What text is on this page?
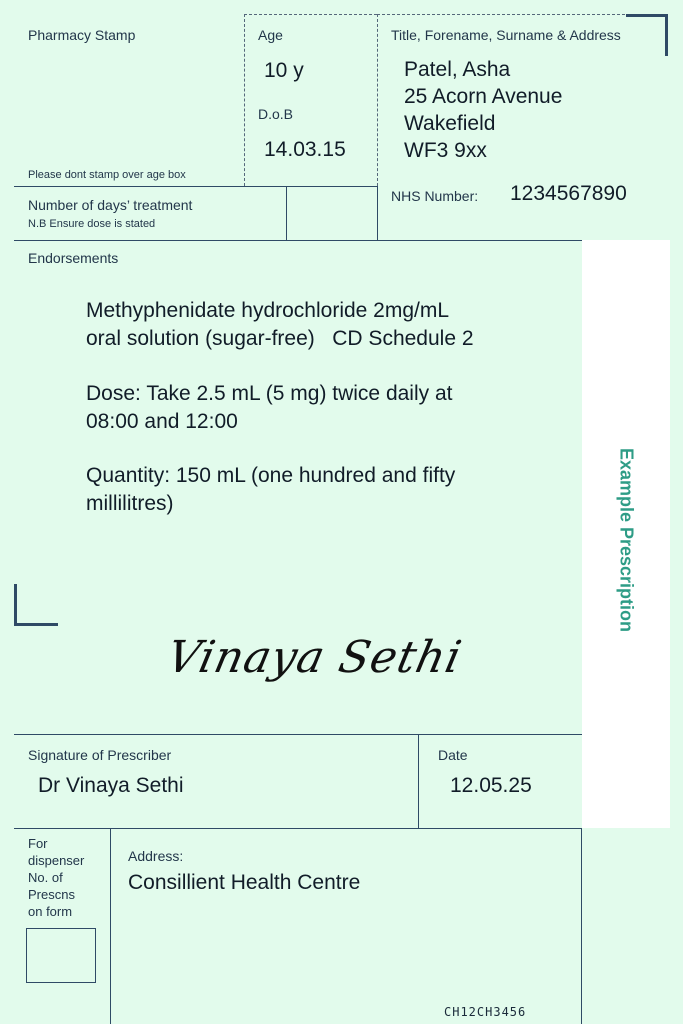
Example Prescription
Pharmacy Stamp
Please dont stamp over age box
Age
10 y
D.o.B
14.03.15
Title, Forename, Surname & Address
Patel, Asha
25 Acorn Avenue
Wakefield
WF3 9xx
Number of days’ treatment
N.B Ensure dose is stated
NHS Number: 1234567890
Endorsements
Methyphenidate hydrochloride 2mg/mL
oral solution (sugar-free)   CD Schedule 2
Dose: Take 2.5 mL (5 mg) twice daily at
08:00 and 12:00
Quantity: 150 mL (one hundred and fifty
millilitres)
Vinaya Sethi
Signature of Prescriber
Dr Vinaya Sethi
Date
12.05.25
For
dispenser
No. of
Prescns
on form
Address:
Consillient Health Centre
CH12CH3456
